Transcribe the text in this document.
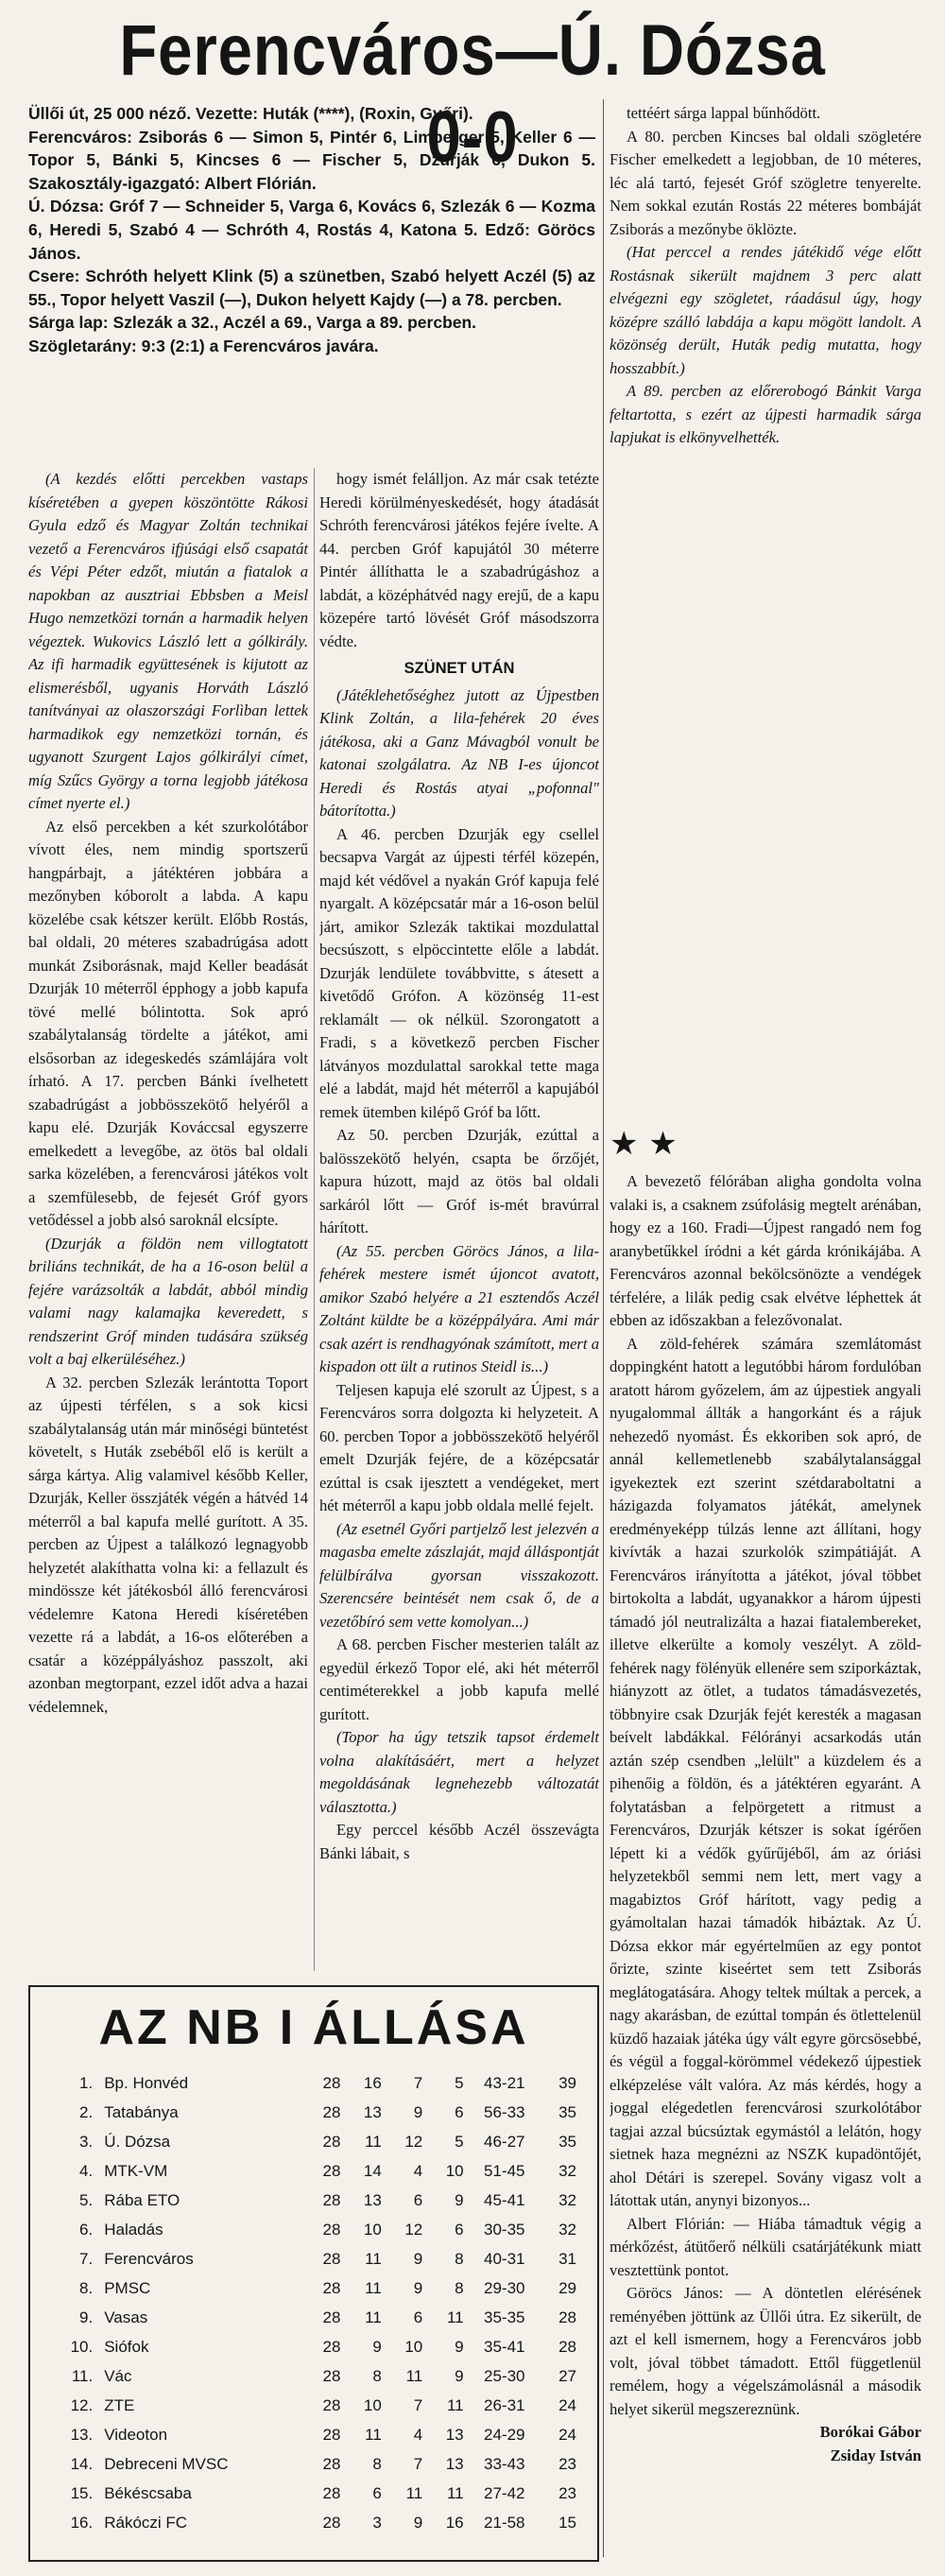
Ferencváros—Ú. Dózsa 0-0

Üllői út, 25 000 néző. Vezette: Huták (****), (Roxin, Győri).

Ferencváros: Zsiborás 6 — Simon 5, Pintér 6, Limperger 5, Keller 6 — Topor 5, Bánki 5, Kincses 6 — Fischer 5, Dzurják 6, Dukon 5. Szakosztály-igazgató: Albert Flórián.

Ú. Dózsa: Gróf 7 — Schneider 5, Varga 6, Kovács 6, Szlezák 6 — Kozma 6, Heredi 5, Szabó 4 — Schróth 4, Rostás 4, Katona 5. Edző: Göröcs János.

Csere: Schróth helyett Klink (5) a szünetben, Szabó helyett Aczél (5) az 55., Topor helyett Vaszil (—), Dukon helyett Kajdy (—) a 78. percben.

Sárga lap: Szlezák a 32., Aczél a 69., Varga a 89. percben.

Szögletarány: 9:3 (2:1) a Ferencváros javára.

(A kezdés előtti percekben vastaps kíséretében a gyepen köszöntötte Rákosi Gyula edző és Magyar Zoltán technikai vezető a Ferencváros ifjúsági első csapatát és Vépi Péter edzőt, miután a fiatalok a napokban az ausztriai Ebbsben a Meisl Hugo nemzetközi tornán a harmadik helyen végeztek. Wukovics László lett a gólkirály. Az ifi harmadik együttesének is kijutott az elismerésből, ugyanis Horváth László tanítványai az olaszországi Forlìban lettek harmadikok egy nemzetközi tornán, és ugyanott Szurgent Lajos gólkirályi címet, míg Szűcs György a torna legjobb játékosa címet nyerte el.)

Az első percekben a két szurkolótábor vívott éles, nem mindig sportszerű hangpárbajt, a játéktéren jobbára a mezőnyben kóborolt a labda. A kapu közelébe csak kétszer került. Előbb Rostás, bal oldali, 20 méteres szabadrúgása adott munkát Zsiborásnak, majd Keller beadását Dzurják 10 méterről épphogy a jobb kapufa tövé mellé bólintotta. Sok apró szabálytalanság tördelte a játékot, ami elsősorban az idegeskedés számlájára volt írható. A 17. percben Bánki ívelhetett szabadrúgást a jobbösszekötő helyéről a kapu elé. Dzurják Kováccsal egyszerre emelkedett a levegőbe, az ötös bal oldali sarka közelében, a ferencvárosi játékos volt a szemfülesebb, de fejesét Gróf gyors vetődéssel a jobb alsó saroknál elcsípte.

(Dzurják a földön nem villogtatott briliáns technikát, de ha a 16-oson belül a fejére varázsolták a labdát, abból mindig valami nagy kalamajka keveredett, s rendszerint Gróf minden tudására szükség volt a baj elkerüléséhez.)

A 32. percben Szlezák lerántotta Toport az újpesti térfélen, s a sok kicsi szabálytalanság után már minőségi büntetést követelt, s Huták zsebéből elő is került a sárga kártya. Alig valamivel később Keller, Dzurják, Keller összjáték végén a hátvéd 14 méterről a bal kapufa mellé gurított. A 35. percben az Újpest a találkozó legnagyobb helyzetét alakíthatta volna ki: a fellazult és mindössze két játékosból álló ferencvárosi védelemre Katona Heredi kíséretében vezette rá a labdát, a 16-os előterében a csatár a középpályáshoz passzolt, aki azonban megtorpant, ezzel időt adva a hazai védelemnek,

hogy ismét felálljon. Az már csak tetézte Heredi körülményeskedését, hogy átadását Schróth ferencvárosi játékos fejére ívelte. A 44. percben Gróf kapujától 30 méterre Pintér állíthatta le a szabadrúgáshoz a labdát, a középhátvéd nagy erejű, de a kapu közepére tartó lövését Gróf másodszorra védte.

SZÜNET UTÁN

(Játéklehetőséghez jutott az Újpestben Klink Zoltán, a lila-fehérek 20 éves játékosa, aki a Ganz Mávagból vonult be katonai szolgálatra. Az NB I-es újoncot Heredi és Rostás atyai „pofonnal" bátorította.)

A 46. percben Dzurják egy csellel becsapva Vargát az újpesti térfél közepén, majd két védővel a nyakán Gróf kapuja felé nyargalt. A középcsatár már a 16-oson belül járt, amikor Szlezák taktikai mozdulattal becsúszott, s elpöccintette előle a labdát. Dzurják lendülete továbbvitte, s átesett a kivetődő Grófon. A közönség 11-est reklamált — ok nélkül. Szorongatott a Fradi, s a következő percben Fischer látványos mozdulattal sarokkal tette maga elé a labdát, majd hét méterről a kapujából remek ütemben kilépő Gróf ba lőtt.

Az 50. percben Dzurják, ezúttal a balösszekötő helyén, csapta be őrzőjét, kapura húzott, majd az ötös bal oldali sarkáról lőtt — Gróf is-mét bravúrral hárított.

(Az 55. percben Göröcs János, a lila-fehérek mestere ismét újoncot avatott, amikor Szabó helyére a 21 esztendős Aczél Zoltánt küldte be a középpályára. Ami már csak azért is rendhagyónak számított, mert a kispadon ott ült a rutinos Steidl is...)

Teljesen kapuja elé szorult az Újpest, s a Ferencváros sorra dolgozta ki helyzeteit. A 60. percben Topor a jobbösszekötő helyéről emelt Dzurják fejére, de a középcsatár ezúttal is csak ijesztett a vendégeket, mert hét méterről a kapu jobb oldala mellé fejelt.

(Az esetnél Győri partjelző lest jelezvén a magasba emelte zászlaját, majd álláspontját felülbírálva gyorsan visszakozott. Szerencsére beintését nem csak ő, de a vezetőbíró sem vette komolyan...)

A 68. percben Fischer mesterien talált az egyedül érkező Topor elé, aki hét méterről centiméterekkel a jobb kapufa mellé gurított.

(Topor ha úgy tetszik tapsot érdemelt volna alakításáért, mert a helyzet megoldásának legnehezebb változatát választotta.)

Egy perccel később Aczél összevágta Bánki lábait, s

tettéért sárga lappal bűnhődött.

A 80. percben Kincses bal oldali szögletére Fischer emelkedett a legjobban, de 10 méteres, léc alá tartó, fejesét Gróf szögletre tenyerelte. Nem sokkal ezután Rostás 22 méteres bombáját Zsiborás a mezőnybe öklözte.

(Hat perccel a rendes játékidő vége előtt Rostásnak sikerült majdnem 3 perc alatt elvégezni egy szögletet, ráadásul úgy, hogy középre szálló labdája a kapu mögött landolt. A közönség derült, Huták pedig mutatta, hogy hosszabbít.)

A 89. percben az előrerobogó Bánkit Varga feltartotta, s ezért az újpesti harmadik sárga lapjukat is elkönyvelhették.

★ ★

A bevezető félórában aligha gondolta volna valaki is, a csaknem zsúfolásig megtelt arénában, hogy ez a 160. Fradi—Újpest rangadó nem fog aranybetűkkel íródni a két gárda krónikájába. A Ferencváros azonnal bekölcsönözte a vendégek térfelére, a lilák pedig csak elvétve léphettek át ebben az időszakban a felezővonalat.

A zöld-fehérek számára szemlátomást doppingként hatott a legutóbbi három fordulóban aratott három győzelem, ám az újpestiek angyali nyugalommal állták a hangorkánt és a rájuk nehezedő nyomást. És ekkoriben sok apró, de annál kellemetlenebb szabálytalansággal igyekeztek ezt szerint szétdaraboltatni a házigazda folyamatos játékát, amelynek eredményeképp túlzás lenne azt állítani, hogy kivívták a hazai szurkolók szimpátiáját. A Ferencváros irányította a játékot, jóval többet birtokolta a labdát, ugyanakkor a három újpesti támadó jól neutralizálta a hazai fiatalembereket, illetve elkerülte a komoly veszélyt. A zöld-fehérek nagy fölényük ellenére sem sziporkáztak, hiányzott az ötlet, a tudatos támadásvezetés, többnyire csak Dzurják fejét keresték a magasan beívelt labdákkal. Félórányi acsarkodás után aztán szép csendben „lelült" a küzdelem és a pihenőig a földön, és a játéktéren egyaránt. A folytatásban a felpörgetett a ritmust a Ferencváros, Dzurják kétszer is sokat ígérően lépett ki a védők gyűrűjéből, ám az óriási helyzetekből semmi nem lett, mert vagy a magabiztos Gróf hárított, vagy pedig a gyámoltalan hazai támadók hibáztak. Az Ú. Dózsa ekkor már egyértelműen az egy pontot őrizte, szinte kiseértet sem tett Zsiborás meglátogatására. Ahogy teltek múltak a percek, a nagy akarásban, de ezúttal tompán és ötlettelenül küzdő hazaiak játéka úgy vált egyre görcsösebbé, és végül a foggal-körömmel védekező újpestiek elképzelése vált valóra. Az más kérdés, hogy a joggal elégedetlen ferencvárosi szurkolótábor tagjai azzal búcsúztak egymástól a lelátón, hogy sietnek haza megnézni az NSZK kupadöntőjét, ahol Détári is szerepel. Sovány vigasz volt a látottak után, anynyi bizonyos...

Albert Flórián: — Hiába támadtuk végig a mérkőzést, átütőerő nélküli csatárjátékunk miatt vesztettünk pontot.

Göröcs János: — A döntetlen elérésének reményében jöttünk az Üllői útra. Ez sikerült, de azt el kell ismernem, hogy a Ferencváros jobb volt, jóval többet támadott. Ettől függetlenül remélem, hogy a végelszámolásnál a második helyet sikerül megszereznünk.

Borókai Gábor

Zsiday István

AZ NB I ÁLLÁSA
1.	Bp. Honvéd	28	16	7	5	43-21	39
2.	Tatabánya	28	13	9	6	56-33	35
3.	Ú. Dózsa	28	11	12	5	46-27	35
4.	MTK-VM	28	14	4	10	51-45	32
5.	Rába ETO	28	13	6	9	45-41	32
6.	Haladás	28	10	12	6	30-35	32
7.	Ferencváros	28	11	9	8	40-31	31
8.	PMSC	28	11	9	8	29-30	29
9.	Vasas	28	11	6	11	35-35	28
10.	Siófok	28	9	10	9	35-41	28
11.	Vác	28	8	11	9	25-30	27
12.	ZTE	28	10	7	11	26-31	24
13.	Videoton	28	11	4	13	24-29	24
14.	Debreceni MVSC	28	8	7	13	33-43	23
15.	Békéscsaba	28	6	11	11	27-42	23
16.	Rákóczi FC	28	3	9	16	21-58	15
